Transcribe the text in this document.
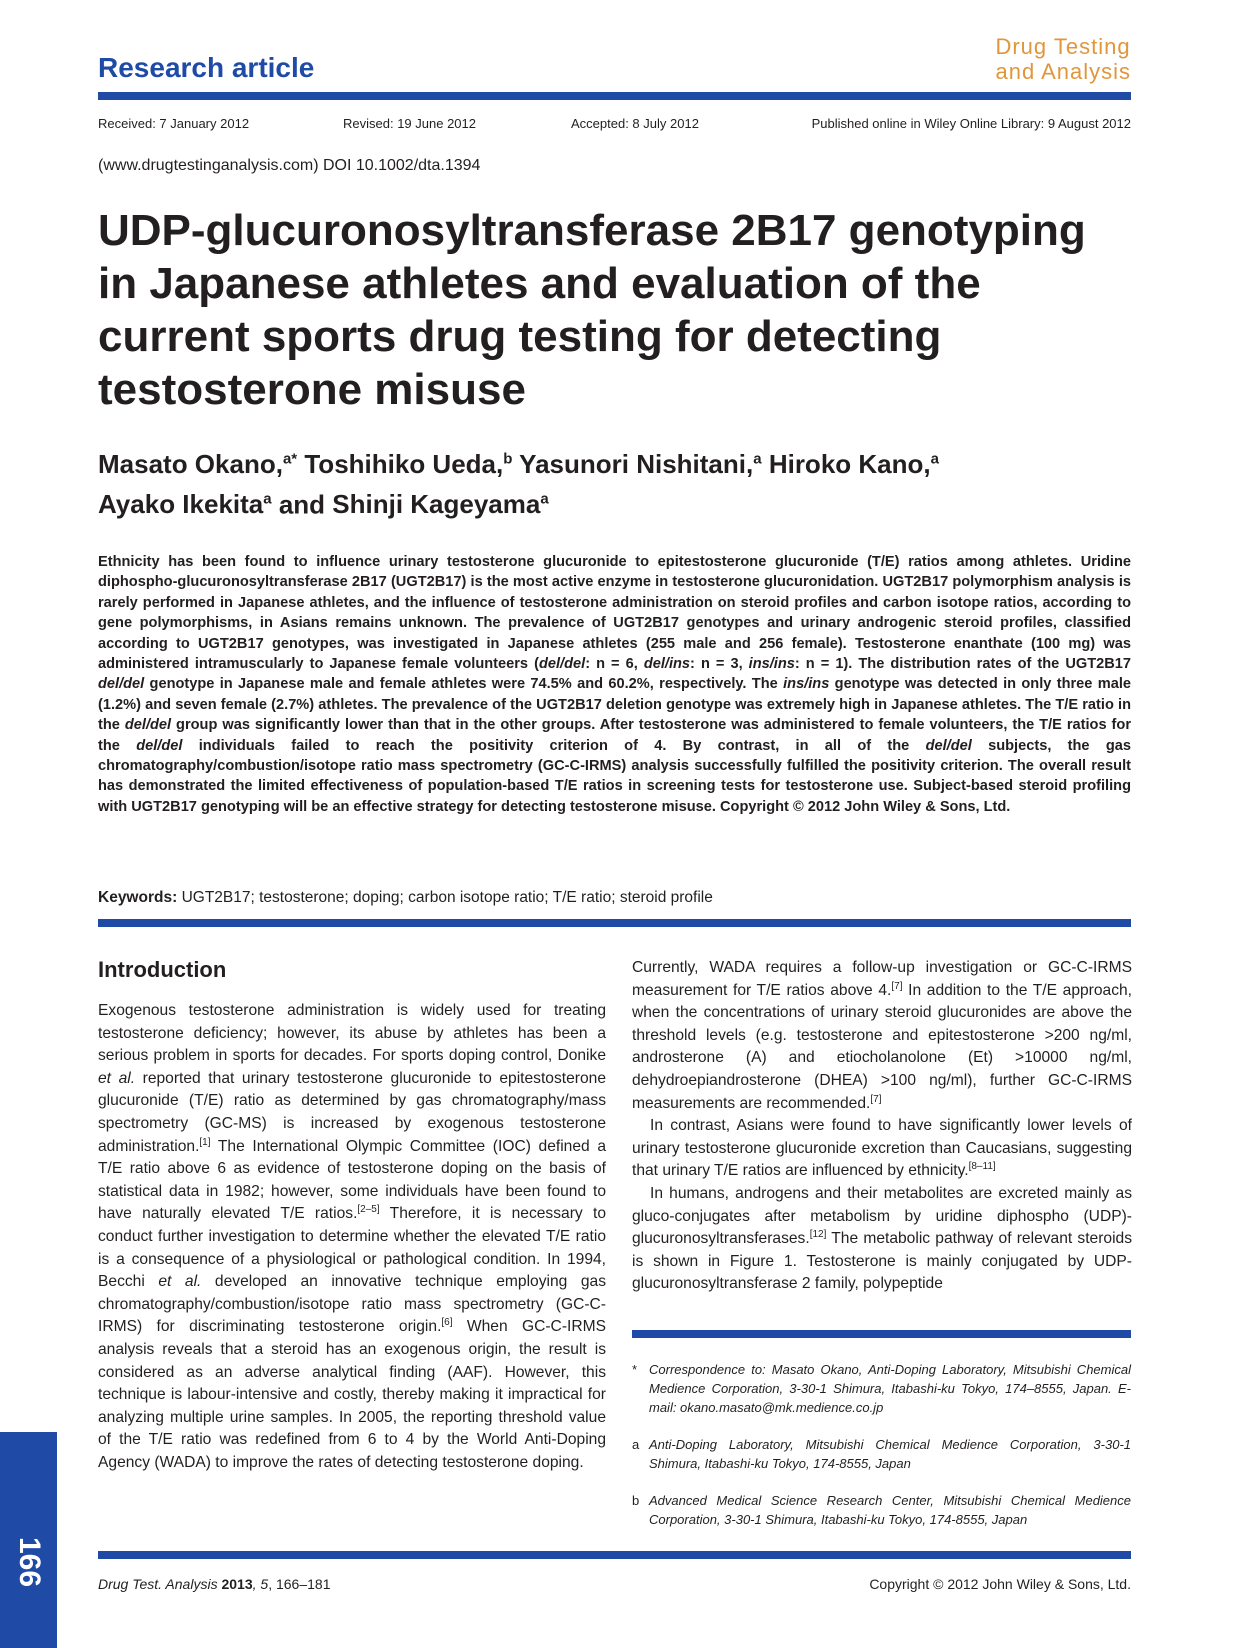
Research article
Drug Testing
and Analysis
Received: 7 January 2012	Revised: 19 June 2012	Accepted: 8 July 2012	Published online in Wiley Online Library: 9 August 2012
(www.drugtestinganalysis.com) DOI 10.1002/dta.1394
UDP-glucuronosyltransferase 2B17 genotyping
in Japanese athletes and evaluation of the
current sports drug testing for detecting
testosterone misuse
Masato Okano,$^{a*}$ Toshihiko Ueda,$^b$ Yasunori Nishitani,$^a$ Hiroko Kano,$^a$
Ayako Ikekita$^a$ and Shinji Kageyama$^a$

Ethnicity has been found to influence urinary testosterone glucuronide to epitestosterone glucuronide (T/E) ratios among athletes. Uridine diphospho-glucuronosyltransferase 2B17 (UGT2B17) is the most active enzyme in testosterone glucuronidation. UGT2B17 polymorphism analysis is rarely performed in Japanese athletes, and the influence of testosterone administration on steroid profiles and carbon isotope ratios, according to gene polymorphisms, in Asians remains unknown. The prevalence of UGT2B17 genotypes and urinary androgenic steroid profiles, classified according to UGT2B17 genotypes, was investigated in Japanese athletes (255 male and 256 female). Testosterone enanthate (100 mg) was administered intramuscularly to Japanese female volunteers (del/del: n = 6, del/ins: n = 3, ins/ins: n = 1). The distribution rates of the UGT2B17 del/del genotype in Japanese male and female athletes were 74.5% and 60.2%, respectively. The ins/ins genotype was detected in only three male (1.2%) and seven female (2.7%) athletes. The prevalence of the UGT2B17 deletion genotype was extremely high in Japanese athletes. The T/E ratio in the del/del group was significantly lower than that in the other groups. After testosterone was administered to female volunteers, the T/E ratios for the del/del individuals failed to reach the positivity criterion of 4. By contrast, in all of the del/del subjects, the gas chromatography/combustion/isotope ratio mass spectrometry (GC-C-IRMS) analysis successfully fulfilled the positivity criterion. The overall result has demonstrated the limited effectiveness of population-based T/E ratios in screening tests for testosterone use. Subject-based steroid profiling with UGT2B17 genotyping will be an effective strategy for detecting testosterone misuse. Copyright © 2012 John Wiley & Sons, Ltd.

Keywords: UGT2B17; testosterone; doping; carbon isotope ratio; T/E ratio; steroid profile
Introduction

Exogenous testosterone administration is widely used for treating testosterone deficiency; however, its abuse by athletes has been a serious problem in sports for decades. For sports doping control, Donike et al. reported that urinary testosterone glucuronide to epitestosterone glucuronide (T/E) ratio as determined by gas chromatography/mass spectrometry (GC-MS) is increased by exogenous testosterone administration.[1] The International Olympic Committee (IOC) defined a T/E ratio above 6 as evidence of testosterone doping on the basis of statistical data in 1982; however, some individuals have been found to have naturally elevated T/E ratios.[2–5] Therefore, it is necessary to conduct further investigation to determine whether the elevated T/E ratio is a consequence of a physiological or pathological condition. In 1994, Becchi et al. developed an innovative technique employing gas chromatography/combustion/isotope ratio mass spectrometry (GC-C-IRMS) for discriminating testosterone origin.[6] When GC-C-IRMS analysis reveals that a steroid has an exogenous origin, the result is considered as an adverse analytical finding (AAF). However, this technique is labour-intensive and costly, thereby making it impractical for analyzing multiple urine samples. In 2005, the reporting threshold value of the T/E ratio was redefined from 6 to 4 by the World Anti-Doping Agency (WADA) to improve the rates of detecting testosterone doping.

Currently, WADA requires a follow-up investigation or GC-C-IRMS measurement for T/E ratios above 4.[7] In addition to the T/E approach, when the concentrations of urinary steroid glucuronides are above the threshold levels (e.g. testosterone and epitestosterone >200 ng/ml, androsterone (A) and etiocholanolone (Et) >10000 ng/ml, dehydroepiandrosterone (DHEA) >100 ng/ml), further GC-C-IRMS measurements are recommended.[7]

In contrast, Asians were found to have significantly lower levels of urinary testosterone glucuronide excretion than Caucasians, suggesting that urinary T/E ratios are influenced by ethnicity.[8–11]

In humans, androgens and their metabolites are excreted mainly as gluco-conjugates after metabolism by uridine diphospho (UDP)-glucuronosyltransferases.[12] The metabolic pathway of relevant steroids is shown in Figure 1. Testosterone is mainly conjugated by UDP-glucuronosyltransferase 2 family, polypeptide

* Correspondence to: Masato Okano, Anti-Doping Laboratory, Mitsubishi Chemical Medience Corporation, 3-30-1 Shimura, Itabashi-ku Tokyo, 174–8555, Japan. E-mail: okano.masato@mk.medience.co.jp
a Anti-Doping Laboratory, Mitsubishi Chemical Medience Corporation, 3-30-1 Shimura, Itabashi-ku Tokyo, 174-8555, Japan
b Advanced Medical Science Research Center, Mitsubishi Chemical Medience Corporation, 3-30-1 Shimura, Itabashi-ku Tokyo, 174-8555, Japan
166	Drug Test. Analysis 2013, 5, 166–181	Copyright © 2012 John Wiley & Sons, Ltd.
